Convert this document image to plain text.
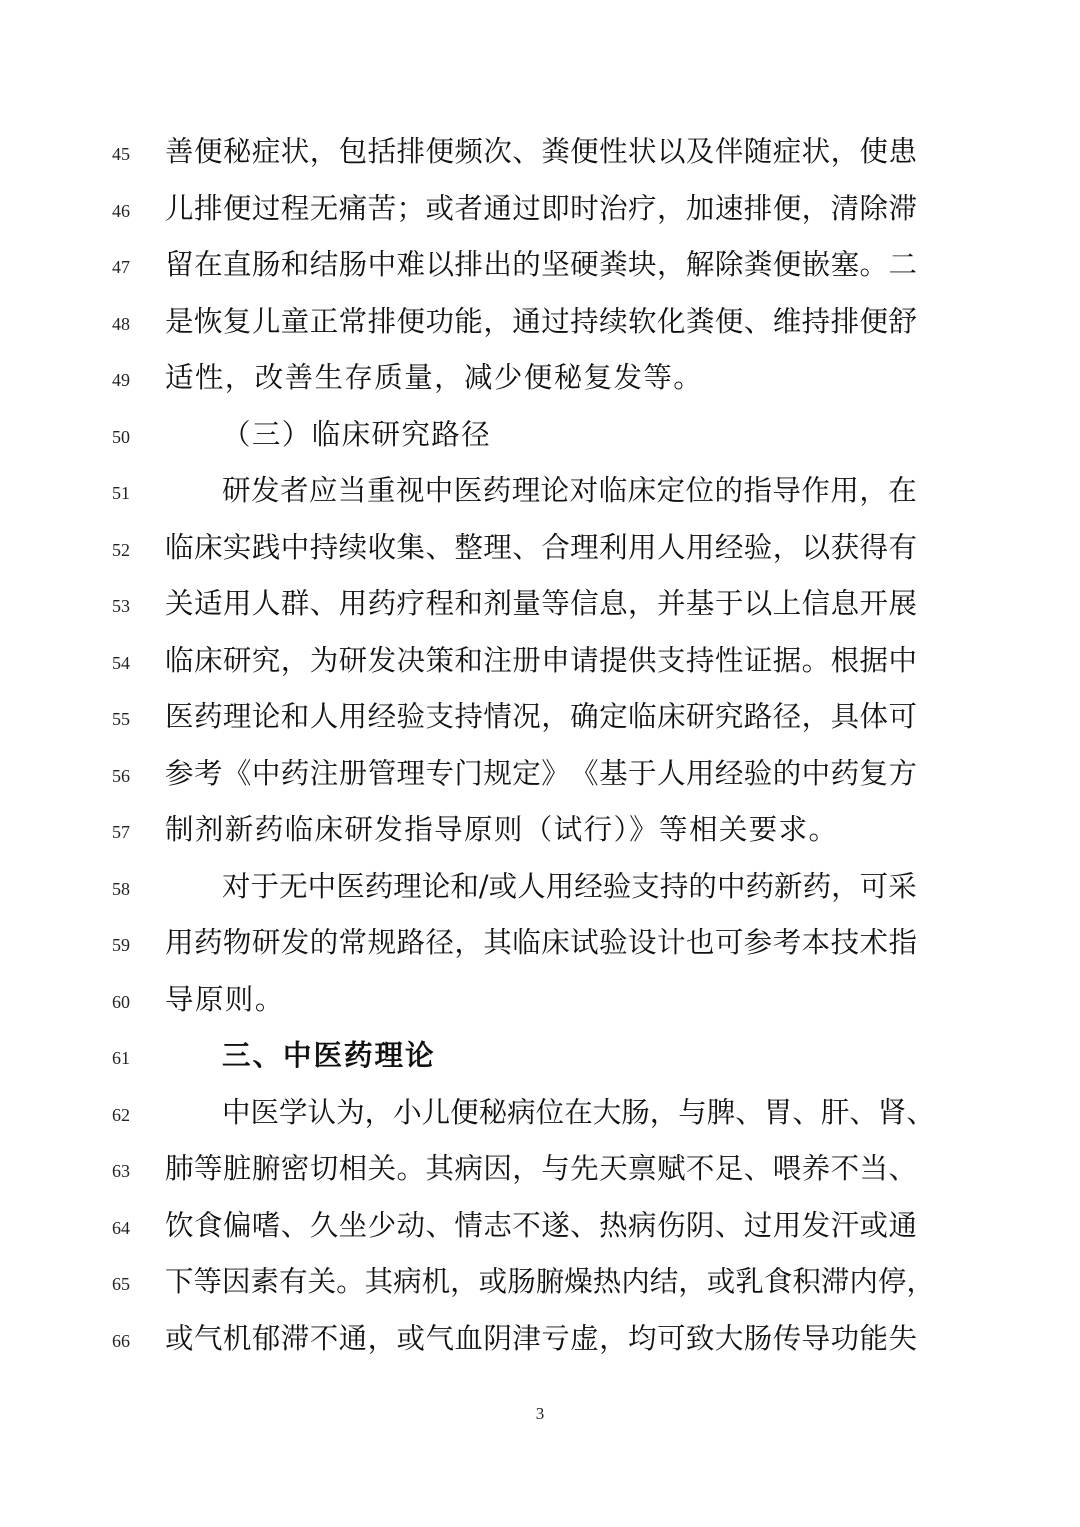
45	善 便 秘 症 状 ， 包 括 排 便 频 次 、 粪 便 性 状 以 及 伴 随 症 状 ， 使 患
46	儿 排 便 过 程 无 痛 苦 ； 或 者 通 过 即 时 治 疗 ， 加 速 排 便 ， 清 除 滞
47	留 在 直 肠 和 结 肠 中 难 以 排 出 的 坚 硬 粪 块 ， 解 除 粪 便 嵌 塞 。 二
48	是 恢 复 儿 童 正 常 排 便 功 能 ， 通 过 持 续 软 化 粪 便 、 维 持 排 便 舒
49	适性，改善生存质量，减少便秘复发等。
50	（三）临床研究路径
51	研 发 者 应 当 重 视 中 医 药 理 论 对 临 床 定 位 的 指 导 作 用 ， 在
52	临 床 实 践 中 持 续 收 集 、 整 理 、 合 理 利 用 人 用 经 验 ， 以 获 得 有
53	关 适 用 人 群 、 用 药 疗 程 和 剂 量 等 信 息 ， 并 基 于 以 上 信 息 开 展
54	临 床 研 究 ， 为 研 发 决 策 和 注 册 申 请 提 供 支 持 性 证 据 。 根 据 中
55	医 药 理 论 和 人 用 经 验 支 持 情 况 ， 确 定 临 床 研 究 路 径 ， 具 体 可
56	参 考 《 中 药 注 册 管 理 专 门 规 定 》 《 基 于 人 用 经 验 的 中 药 复 方
57	制剂新药临床研发指导原则（试行）》等相关要求。
58	对 于 无 中 医 药 理 论 和 / 或 人 用 经 验 支 持 的 中 药 新 药 ， 可 采
59	用 药 物 研 发 的 常 规 路 径 ， 其 临 床 试 验 设 计 也 可 参 考 本 技 术 指
60	导原则。
61	三、中医药理论
62	中 医 学 认 为 ， 小 儿 便 秘 病 位 在 大 肠 ， 与 脾 、 胃 、 肝 、 肾 、
63	肺 等 脏 腑 密 切 相 关 。 其 病 因 ， 与 先 天 禀 赋 不 足 、 喂 养 不 当 、
64	饮 食 偏 嗜 、 久 坐 少 动 、 情 志 不 遂 、 热 病 伤 阴 、 过 用 发 汗 或 通
65	下 等 因 素 有 关 。 其 病 机 ， 或 肠 腑 燥 热 内 结 ， 或 乳 食 积 滞 内 停 ，
66	或 气 机 郁 滞 不 通 ， 或 气 血 阴 津 亏 虚 ， 均 可 致 大 肠 传 导 功 能 失
3
